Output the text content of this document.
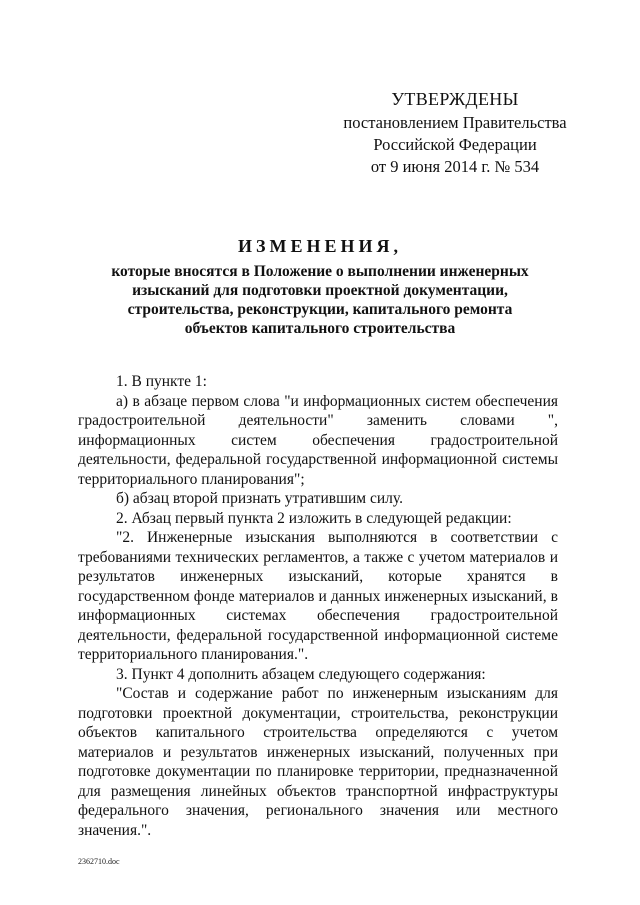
УТВЕРЖДЕНЫ
постановлением Правительства
Российской Федерации
от 9 июня 2014 г. № 534
ИЗМЕНЕНИЯ,
которые вносятся в Положение о выполнении инженерных изысканий для подготовки проектной документации, строительства, реконструкции, капитального ремонта объектов капитального строительства

1. В пункте 1:

а) в абзаце первом слова "и информационных систем обеспечения градостроительной деятельности" заменить словами ", информационных систем обеспечения градостроительной деятельности, федеральной государственной информационной системы территориального планирования";

б) абзац второй признать утратившим силу.

2. Абзац первый пункта 2 изложить в следующей редакции:

"2. Инженерные изыскания выполняются в соответствии с требованиями технических регламентов, а также с учетом материалов и результатов инженерных изысканий, которые хранятся в государственном фонде материалов и данных инженерных изысканий, в информационных системах обеспечения градостроительной деятельности, федеральной государственной информационной системе территориального планирования.".

3. Пункт 4 дополнить абзацем следующего содержания:

"Состав и содержание работ по инженерным изысканиям для подготовки проектной документации, строительства, реконструкции объектов капитального строительства определяются с учетом материалов и результатов инженерных изысканий, полученных при подготовке документации по планировке территории, предназначенной для размещения линейных объектов транспортной инфраструктуры федерального значения, регионального значения или местного значения.".

2362710.doc
